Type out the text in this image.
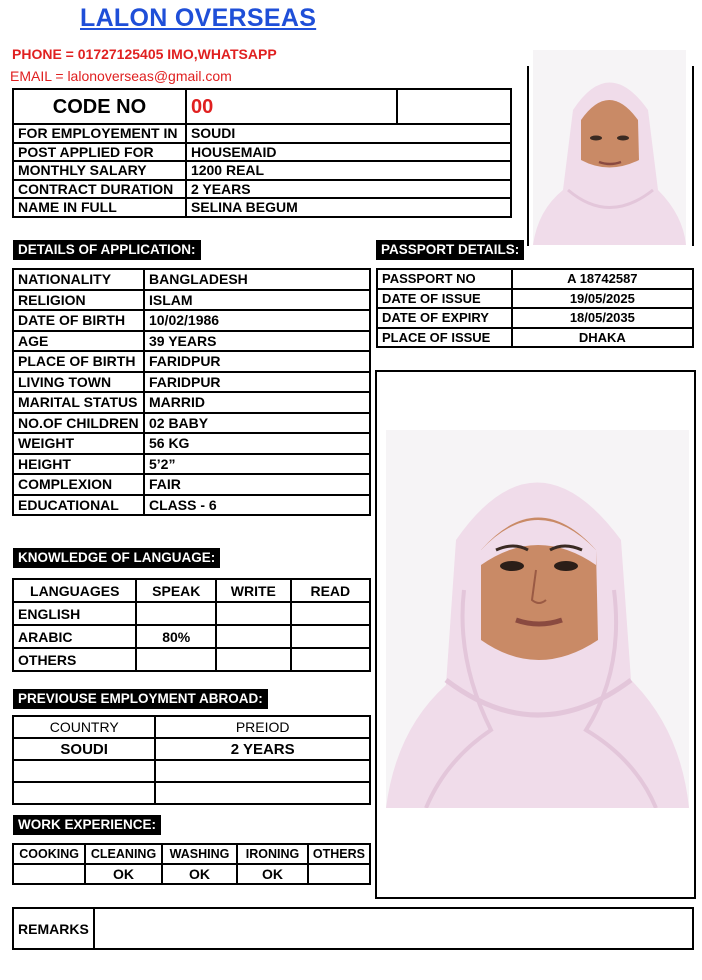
LALON OVERSEAS
PHONE = 01727125405 IMO,WHATSAPP
EMAIL = lalonoverseas@gmail.com
CODE NO	00	
FOR EMPLOYEMENT IN	SOUDI	
POST APPLIED FOR	HOUSEMAID	
MONTHLY SALARY	1200 REAL	
CONTRACT DURATION	2 YEARS	
NAME IN FULL	SELINA BEGUM	
DETAILS OF APPLICATION:
NATIONALITY	BANGLADESH
RELIGION	ISLAM
DATE OF BIRTH	10/02/1986
AGE	39 YEARS
PLACE OF BIRTH	FARIDPUR
LIVING TOWN	FARIDPUR
MARITAL STATUS	MARRID
NO.OF CHILDREN	02 BABY
WEIGHT	56 KG
HEIGHT	5’2”
COMPLEXION	FAIR
EDUCATIONAL	CLASS - 6
PASSPORT DETAILS:
PASSPORT NO	A 18742587
DATE OF ISSUE	19/05/2025
DATE OF EXPIRY	18/05/2035
PLACE OF ISSUE	DHAKA
KNOWLEDGE OF LANGUAGE:
LANGUAGES	SPEAK	WRITE	READ
ENGLISH			
ARABIC	80%		
OTHERS			
PREVIOUSE EMPLOYMENT ABROAD:
COUNTRY	PREIOD
SOUDI	2 YEARS

WORK EXPERIENCE:
COOKING	CLEANING	WASHING	IRONING	OTHERS
	OK	OK	OK	
REMARKS	
